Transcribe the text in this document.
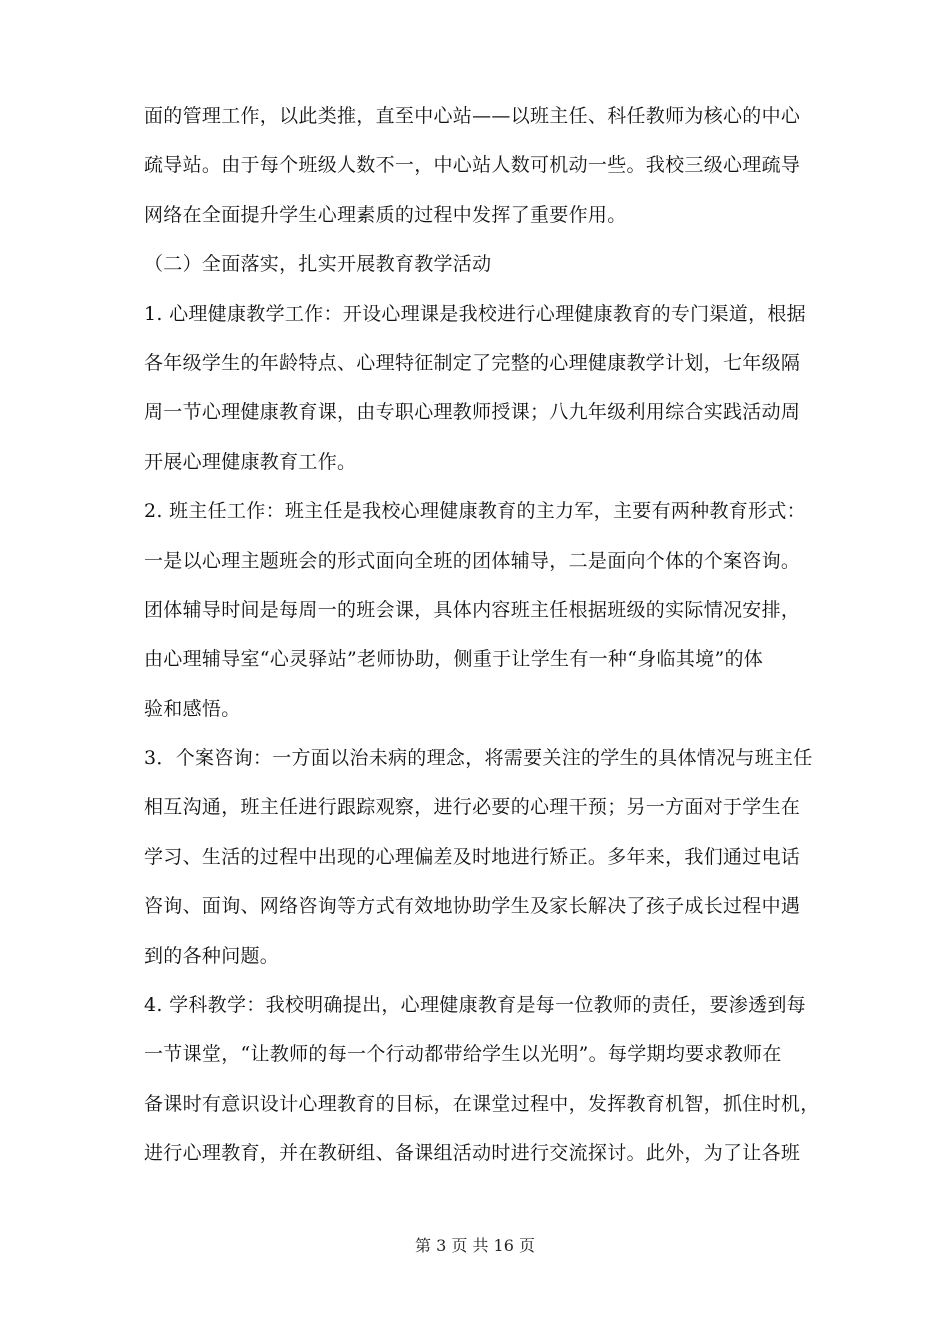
面的管理工作，以此类推，直至中心站——以班主任、科任教师为核心的中心
疏导站。由于每个班级人数不一，中心站人数可机动一些。我校三级心理疏导
网络在全面提升学生心理素质的过程中发挥了重要作用。
（二）全面落实，扎实开展教育教学活动
1. 心理健康教学工作：开设心理课是我校进行心理健康教育的专门渠道，根据
各年级学生的年龄特点、心理特征制定了完整的心理健康教学计划，七年级隔
周一节心理健康教育课，由专职心理教师授课；八九年级利用综合实践活动周
开展心理健康教育工作。
2. 班主任工作：班主任是我校心理健康教育的主力军，主要有两种教育形式：
一是以心理主题班会的形式面向全班的团体辅导，二是面向个体的个案咨询。
团体辅导时间是每周一的班会课，具体内容班主任根据班级的实际情况安排，
由心理辅导室“心灵驿站”老师协助，侧重于让学生有一种“身临其境”的体
验和感悟。
3．个案咨询：一方面以治未病的理念，将需要关注的学生的具体情况与班主任
相互沟通，班主任进行跟踪观察，进行必要的心理干预；另一方面对于学生在
学习、生活的过程中出现的心理偏差及时地进行矫正。多年来，我们通过电话
咨询、面询、网络咨询等方式有效地协助学生及家长解决了孩子成长过程中遇
到的各种问题。
4. 学科教学：我校明确提出，心理健康教育是每一位教师的责任，要渗透到每
一节课堂，“让教师的每一个行动都带给学生以光明”。每学期均要求教师在
备课时有意识设计心理教育的目标，在课堂过程中，发挥教育机智，抓住时机，
进行心理教育，并在教研组、备课组活动时进行交流探讨。此外，为了让各班
第 3 页 共 16 页
